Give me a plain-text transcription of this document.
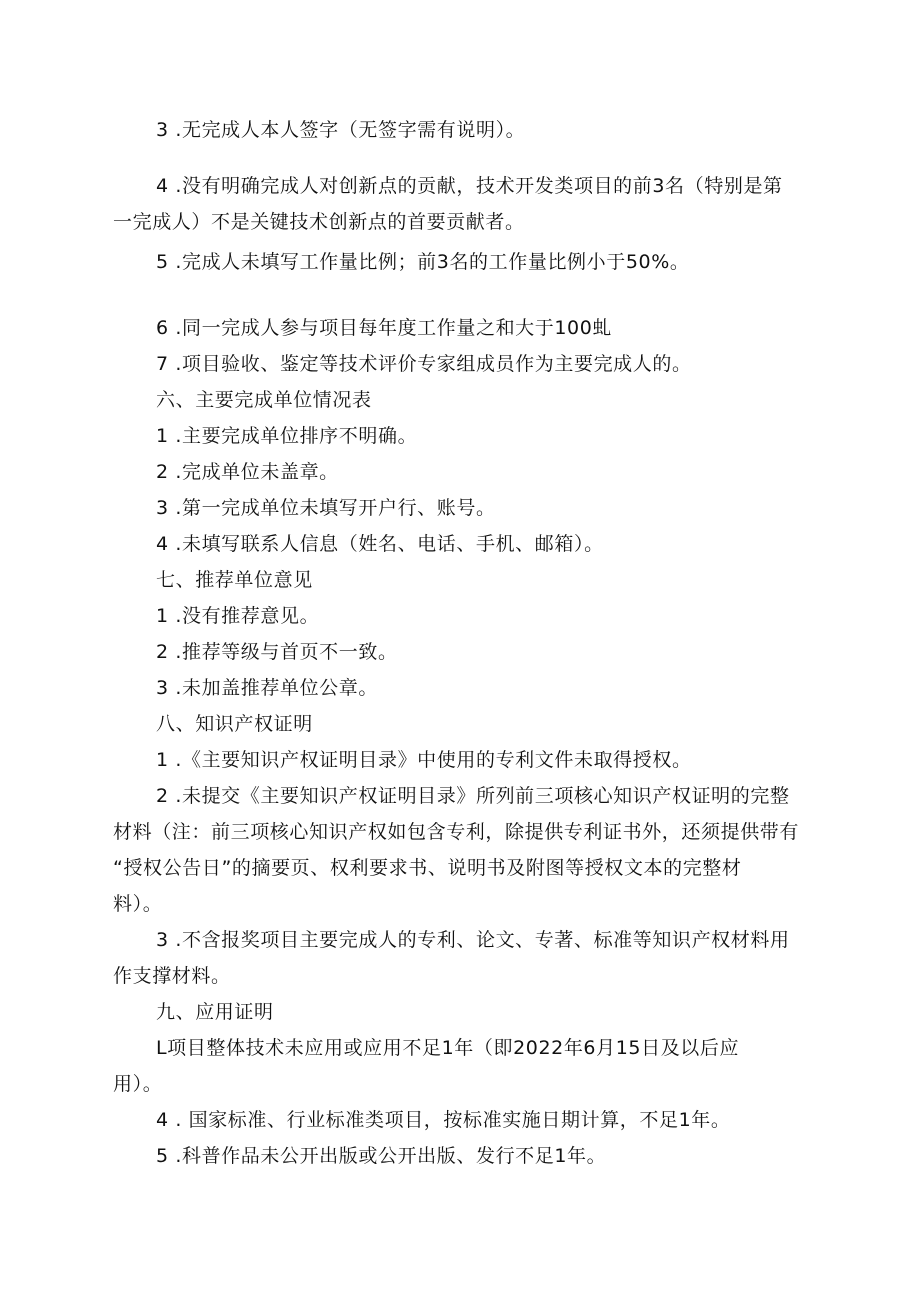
3 .无完成人本人签字（无签字需有说明）。
4 .没有明确完成人对创新点的贡献，技术开发类项目的前3名（特别是第
一完成人）不是关键技术创新点的首要贡献者。
5 .完成人未填写工作量比例；前3名的工作量比例小于50%。
6 .同一完成人参与项目每年度工作量之和大于100虬
7 .项目验收、鉴定等技术评价专家组成员作为主要完成人的。
六、主要完成单位情况表
1 .主要完成单位排序不明确。
2 .完成单位未盖章。
3 .第一完成单位未填写开户行、账号。
4 .未填写联系人信息（姓名、电话、手机、邮箱）。
七、推荐单位意见
1 .没有推荐意见。
2 .推荐等级与首页不一致。
3 .未加盖推荐单位公章。
八、知识产权证明
1 .《主要知识产权证明目录》中使用的专利文件未取得授权。
2 .未提交《主要知识产权证明目录》所列前三项核心知识产权证明的完整
材料（注：前三项核心知识产权如包含专利，除提供专利证书外，还须提供带有
“授权公告日”的摘要页、权利要求书、说明书及附图等授权文本的完整材
料）。
3 .不含报奖项目主要完成人的专利、论文、专著、标准等知识产权材料用
作支撑材料。
九、应用证明
L项目整体技术未应用或应用不足1年（即2022年6月15日及以后应
用）。
4 . 国家标准、行业标准类项目，按标准实施日期计算，不足1年。
5 .科普作品未公开出版或公开出版、发行不足1年。
